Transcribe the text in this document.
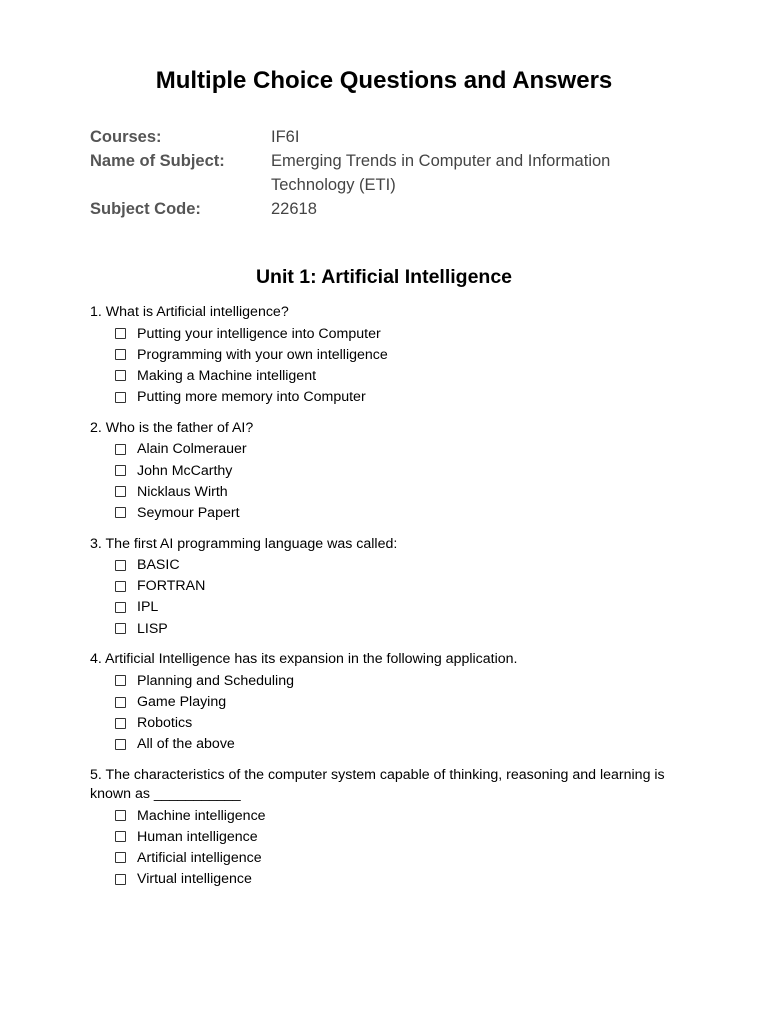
Multiple Choice Questions and Answers
Courses:	IF6I
Name of Subject:	Emerging Trends in Computer and Information Technology (ETI)
Subject Code:	22618
Unit 1: Artificial Intelligence
1. What is Artificial intelligence?
Putting your intelligence into Computer
Programming with your own intelligence
Making a Machine intelligent
Putting more memory into Computer
2. Who is the father of AI?
Alain Colmerauer
John McCarthy
Nicklaus Wirth
Seymour Papert
3. The first AI programming language was called:
BASIC
FORTRAN
IPL
LISP
4. Artificial Intelligence has its expansion in the following application.
Planning and Scheduling
Game Playing
Robotics
All of the above
5. The characteristics of the computer system capable of thinking, reasoning and learning is known as ___________
Machine intelligence
Human intelligence
Artificial intelligence
Virtual intelligence
